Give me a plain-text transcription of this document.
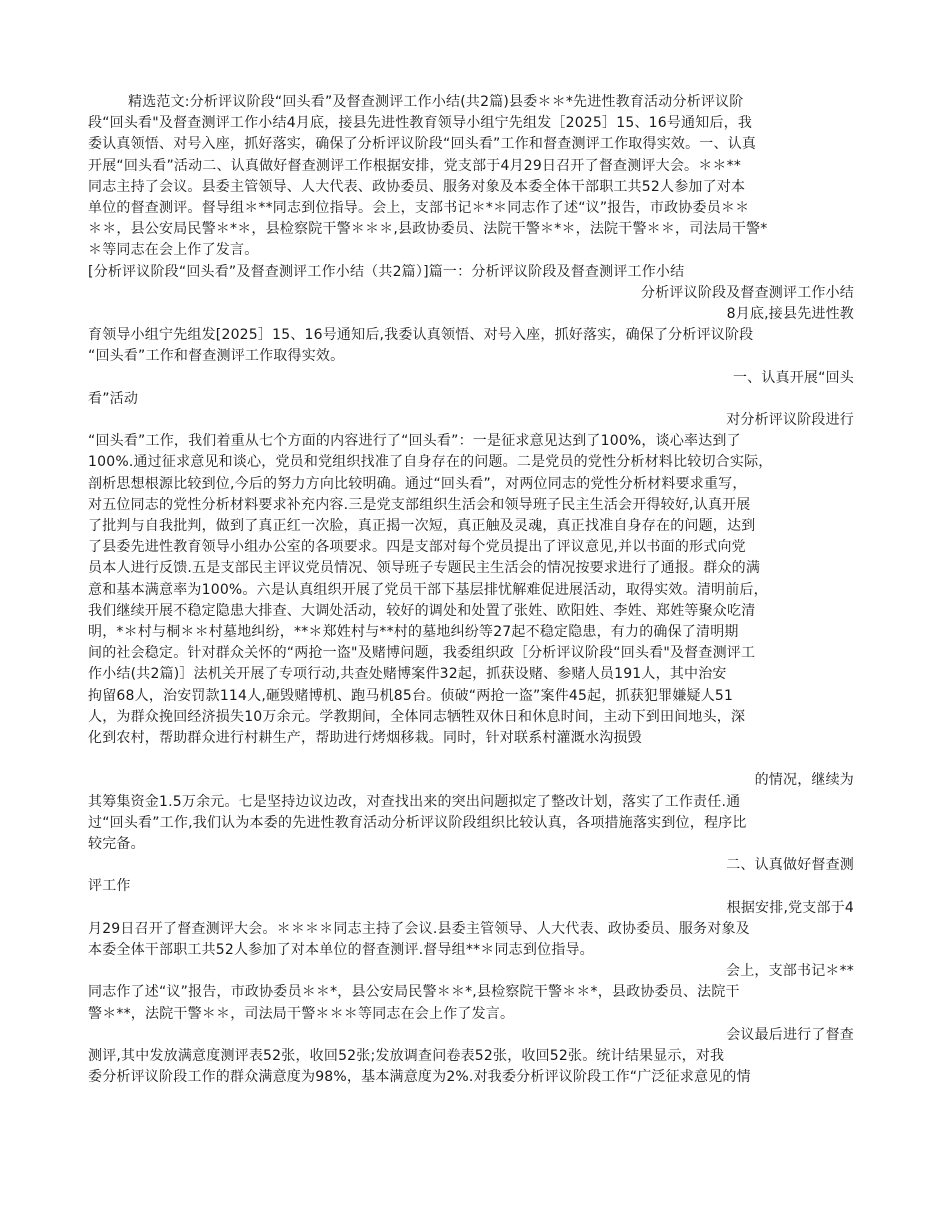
精选范文:分析评议阶段“回头看”及督查测评工作小结(共2篇)县委＊＊*先进性教育活动分析评议阶
段“回头看"及督查测评工作小结4月底，接县先进性教育领导小组宁先组发［2025］15、16号通知后，我
委认真领悟、对号入座，抓好落实，确保了分析评议阶段“回头看”工作和督查测评工作取得实效。一、认真
开展“回头看”活动二、认真做好督查测评工作根据安排，党支部于4月29日召开了督查测评大会。＊＊**
同志主持了会议。县委主管领导、人大代表、政协委员、服务对象及本委全体干部职工共52人参加了对本
单位的督查测评。督导组＊**同志到位指导。会上，支部书记＊*＊同志作了述“议”报告，市政协委员＊＊
＊＊，县公安局民警＊*＊，县检察院干警＊＊＊,县政协委员、法院干警＊*＊，法院干警＊＊，司法局干警*
＊等同志在会上作了发言。
[分析评议阶段“回头看”及督查测评工作小结（共2篇）]篇一：分析评议阶段及督查测评工作小结
分析评议阶段及督查测评工作小结
8月底,接县先进性教
育领导小组宁先组发[2025］15、16号通知后,我委认真领悟、对号入座，抓好落实，确保了分析评议阶段
“回头看”工作和督查测评工作取得实效。
一、认真开展“回头
看”活动
对分析评议阶段进行
“回头看”工作，我们着重从七个方面的内容进行了“回头看”：一是征求意见达到了100%，谈心率达到了
100%.通过征求意见和谈心，党员和党组织找准了自身存在的问题。二是党员的党性分析材料比较切合实际，
剖析思想根源比较到位,今后的努力方向比较明确。通过“回头看”，对两位同志的党性分析材料要求重写，
对五位同志的党性分析材料要求补充内容.三是党支部组织生活会和领导班子民主生活会开得较好,认真开展
了批判与自我批判，做到了真正红一次脸，真正揭一次短，真正触及灵魂，真正找准自身存在的问题，达到
了县委先进性教育领导小组办公室的各项要求。四是支部对每个党员提出了评议意见,并以书面的形式向党
员本人进行反馈.五是支部民主评议党员情况、领导班子专题民主生活会的情况按要求进行了通报。群众的满
意和基本满意率为100%。六是认真组织开展了党员干部下基层排忧解难促进展活动，取得实效。清明前后，
我们继续开展不稳定隐患大排查、大调处活动，较好的调处和处置了张姓、欧阳姓、李姓、郑姓等聚众吃清
明，*＊村与桐＊＊村墓地纠纷，**＊郑姓村与**村的墓地纠纷等27起不稳定隐患，有力的确保了清明期
间的社会稳定。针对群众关怀的“两抢一盗"及赌博问题，我委组织政［分析评议阶段“回头看"及督查测评工
作小结(共2篇)］法机关开展了专项行动,共查处赌博案件32起，抓获设赌、参赌人员191人，其中治安
拘留68人，治安罚款114人,砸毁赌博机、跑马机85台。侦破“两抢一盗”案件45起，抓获犯罪嫌疑人51
人，为群众挽回经济损失10万余元。学教期间，全体同志牺牲双休日和休息时间，主动下到田间地头，深
化到农村，帮助群众进行村耕生产，帮助进行烤烟移栽。同时，针对联系村灌溉水沟损毁
的情况，继续为
其筹集资金1.5万余元。七是坚持边议边改，对查找出来的突出问题拟定了整改计划，落实了工作责任.通
过“回头看”工作,我们认为本委的先进性教育活动分析评议阶段组织比较认真，各项措施落实到位，程序比
较完备。
二、认真做好督查测
评工作
根据安排,党支部于4
月29日召开了督查测评大会。＊＊＊＊同志主持了会议.县委主管领导、人大代表、政协委员、服务对象及
本委全体干部职工共52人参加了对本单位的督查测评.督导组**＊同志到位指导。
会上，支部书记＊**
同志作了述“议”报告，市政协委员＊＊*，县公安局民警＊＊*,县检察院干警＊＊*，县政协委员、法院干
警＊**，法院干警＊＊，司法局干警＊＊＊等同志在会上作了发言。
会议最后进行了督查
测评,其中发放满意度测评表52张，收回52张;发放调查问卷表52张，收回52张。统计结果显示，对我
委分析评议阶段工作的群众满意度为98%，基本满意度为2%.对我委分析评议阶段工作“广泛征求意见的情
